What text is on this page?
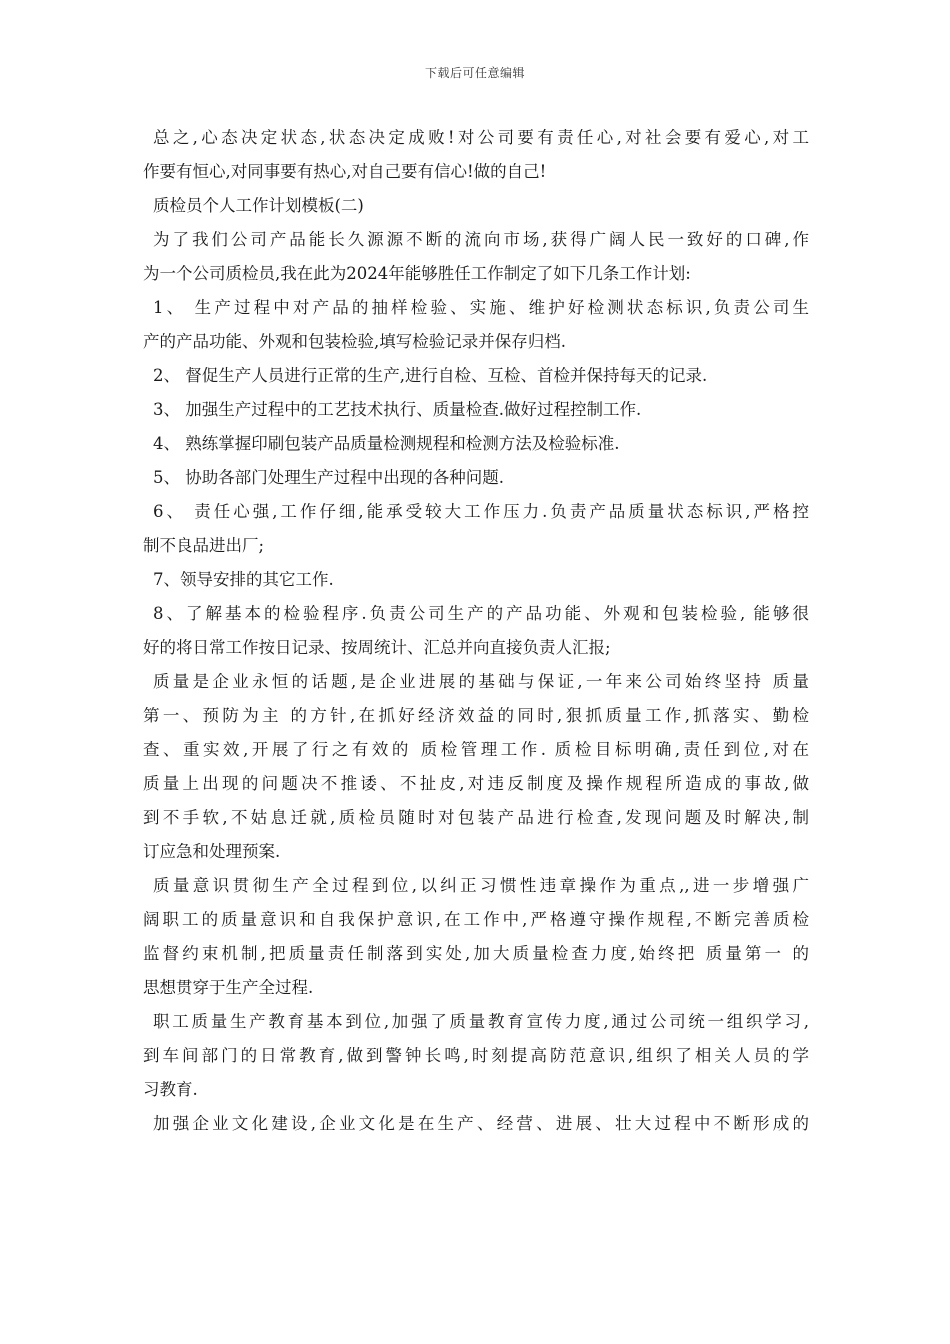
下载后可任意编辑
总之,心态决定状态,状态决定成败!对公司要有责任心,对社会要有爱心,对工
作要有恒心,对同事要有热心,对自己要有信心!做的自己!
质检员个人工作计划模板(二)
为了我们公司产品能长久源源不断的流向市场,获得广阔人民一致好的口碑,作
为一个公司质检员,我在此为2024年能够胜任工作制定了如下几条工作计划:
1、 生产过程中对产品的抽样检验、实施、维护好检测状态标识,负责公司生
产的产品功能、外观和包装检验,填写检验记录并保存归档.
2、 督促生产人员进行正常的生产,进行自检、互检、首检并保持每天的记录.
3、 加强生产过程中的工艺技术执行、质量检查.做好过程控制工作.
4、 熟练掌握印刷包装产品质量检测规程和检测方法及检验标准.
5、 协助各部门处理生产过程中出现的各种问题.
6、 责任心强,工作仔细,能承受较大工作压力.负责产品质量状态标识,严格控
制不良品进出厂;
7、领导安排的其它工作.
8、了解基本的检验程序.负责公司生产的产品功能、外观和包装检验, 能够很
好的将日常工作按日记录、按周统计、汇总并向直接负责人汇报;
质量是企业永恒的话题,是企业进展的基础与保证,一年来公司始终坚持 质量
第一、预防为主 的方针,在抓好经济效益的同时,狠抓质量工作,抓落实、勤检
查、重实效,开展了行之有效的 质检管理工作. 质检目标明确,责任到位,对在
质量上出现的问题决不推诿、不扯皮,对违反制度及操作规程所造成的事故,做
到不手软,不姑息迁就,质检员随时对包装产品进行检查,发现问题及时解决,制
订应急和处理预案.
质量意识贯彻生产全过程到位,以纠正习惯性违章操作为重点,,进一步增强广
阔职工的质量意识和自我保护意识,在工作中,严格遵守操作规程,不断完善质检
监督约束机制,把质量责任制落到实处,加大质量检查力度,始终把 质量第一 的
思想贯穿于生产全过程.
职工质量生产教育基本到位,加强了质量教育宣传力度,通过公司统一组织学习,
到车间部门的日常教育,做到警钟长鸣,时刻提高防范意识,组织了相关人员的学
习教育.
加强企业文化建设,企业文化是在生产、经营、进展、壮大过程中不断形成的
